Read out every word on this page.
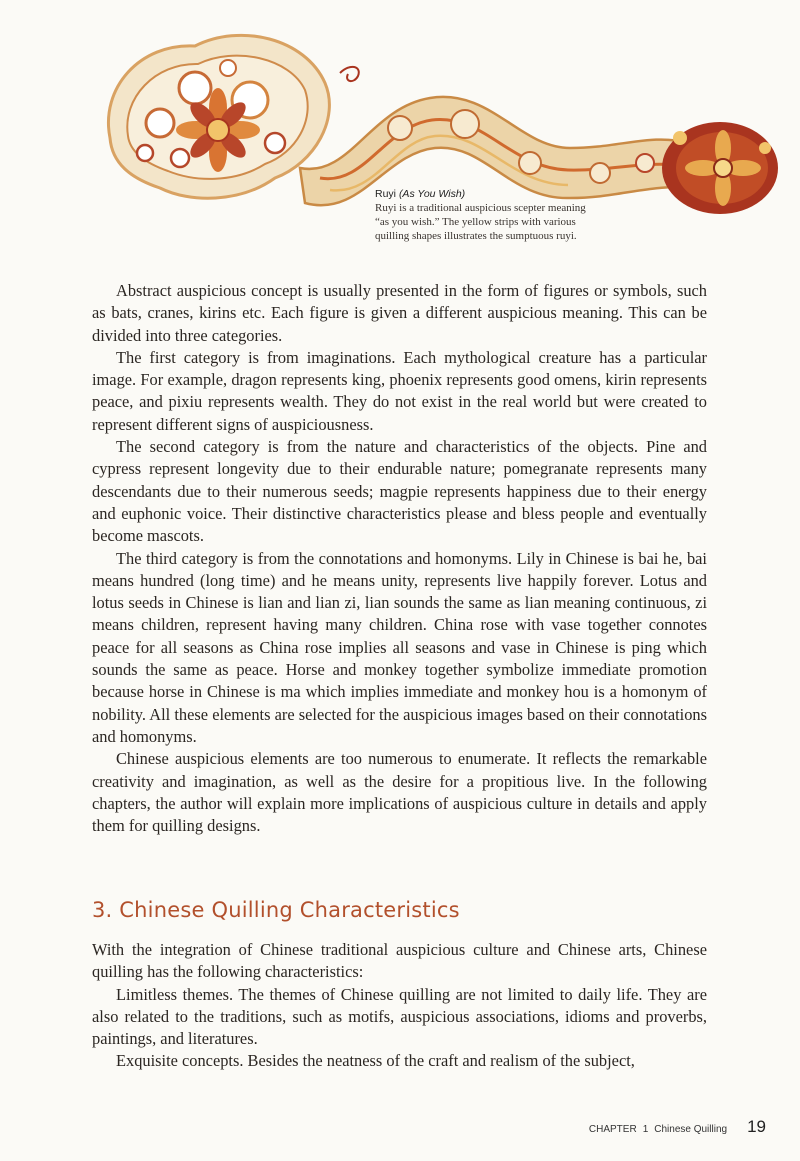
Ruyi (As You Wish)
Ruyi is a traditional auspicious scepter meaning
“as you wish.” The yellow strips with various
quilling shapes illustrates the sumptuous ruyi.

Abstract auspicious concept is usually presented in the form of figures or symbols, such as bats, cranes, kirins etc. Each figure is given a different auspicious meaning. This can be divided into three categories.

The first category is from imaginations. Each mythological creature has a particular image. For example, dragon represents king, phoenix represents good omens, kirin represents peace, and pixiu represents wealth. They do not exist in the real world but were created to represent different signs of auspiciousness.

The second category is from the nature and characteristics of the objects. Pine and cypress represent longevity due to their endurable nature; pomegranate represents many descendants due to their numerous seeds; magpie represents happiness due to their energy and euphonic voice. Their distinctive characteristics please and bless people and eventually become mascots.

The third category is from the connotations and homonyms. Lily in Chinese is bai he, bai means hundred (long time) and he means unity, represents live happily forever. Lotus and lotus seeds in Chinese is lian and lian zi, lian sounds the same as lian meaning continuous, zi means children, represent having many children. China rose with vase together connotes peace for all seasons as China rose implies all seasons and vase in Chinese is ping which sounds the same as peace. Horse and monkey together symbolize immediate promotion because horse in Chinese is ma which implies immediate and monkey hou is a homonym of nobility. All these elements are selected for the auspicious images based on their connotations and homonyms.

Chinese auspicious elements are too numerous to enumerate. It reflects the remarkable creativity and imagination, as well as the desire for a propitious live. In the following chapters, the author will explain more implications of auspicious culture in details and apply them for quilling designs.

3. Chinese Quilling Characteristics

With the integration of Chinese traditional auspicious culture and Chinese arts, Chinese quilling has the following characteristics:

Limitless themes. The themes of Chinese quilling are not limited to daily life. They are also related to the traditions, such as motifs, auspicious associations, idioms and proverbs, paintings, and literatures.

Exquisite concepts. Besides the neatness of the craft and realism of the subject,

CHAPTER 1 Chinese Quilling 19
